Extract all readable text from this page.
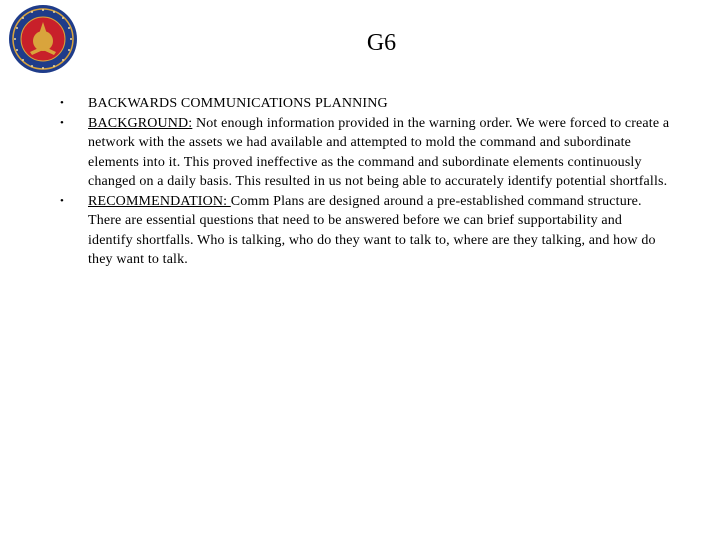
G6
• BACKWARDS COMMUNICATIONS PLANNING
• BACKGROUND: Not enough information provided in the warning order. We were forced to create a network with the assets we had available and attempted to mold the command and subordinate elements into it. This proved ineffective as the command and subordinate elements continuously changed on a daily basis. This resulted in us not being able to accurately identify potential shortfalls.
• RECOMMENDATION: Comm Plans are designed around a pre-established command structure. There are essential questions that need to be answered before we can brief supportability and identify shortfalls. Who is talking, who do they want to talk to, where are they talking, and how do they want to talk.
